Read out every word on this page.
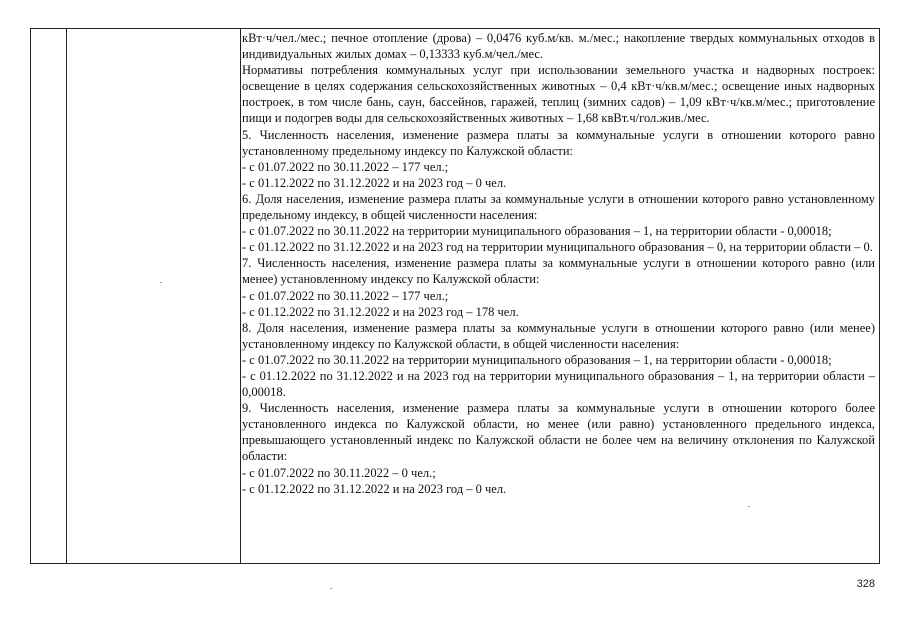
кВт·ч/чел./мес.; печное отопление (дрова) – 0,0476 куб.м/кв. м./мес.; накопление твердых коммунальных отходов в индивидуальных жилых домах – 0,13333 куб.м/чел./мес.

Нормативы потребления коммунальных услуг при использовании земельного участка и надворных построек: освещение в целях содержания сельскохозяйственных животных – 0,4 кВт·ч/кв.м/мес.; освещение иных надворных построек, в том числе бань, саун, бассейнов, гаражей, теплиц (зимних садов) – 1,09 кВт·ч/кв.м/мес.; приготовление пищи и подогрев воды для сельскохозяйственных животных – 1,68 квВт.ч/гол.жив./мес.

5. Численность населения, изменение размера платы за коммунальные услуги в отношении которого равно установленному предельному индексу по Калужской области:

- с 01.07.2022 по 30.11.2022 – 177 чел.;

- с 01.12.2022 по 31.12.2022 и на 2023 год – 0 чел.

6. Доля населения, изменение размера платы за коммунальные услуги в отношении которого равно установленному предельному индексу, в общей численности населения:

- с 01.07.2022 по 30.11.2022 на территории муниципального образования – 1, на территории области - 0,00018;

- с 01.12.2022 по 31.12.2022 и на 2023 год на территории муниципального образования – 0, на территории области – 0.

7. Численность населения, изменение размера платы за коммунальные услуги в отношении которого равно (или менее) установленному индексу по Калужской области:

- с 01.07.2022 по 30.11.2022 – 177 чел.;

- с 01.12.2022 по 31.12.2022 и на 2023 год – 178 чел.

8. Доля населения, изменение размера платы за коммунальные услуги в отношении которого равно (или менее) установленному индексу по Калужской области, в общей численности населения:

- с 01.07.2022 по 30.11.2022 на территории муниципального образования – 1, на территории области - 0,00018;

- с 01.12.2022 по 31.12.2022 и на 2023 год на территории муниципального образования – 1, на территории области – 0,00018.

9. Численность населения, изменение размера платы за коммунальные услуги в отношении которого более установленного индекса по Калужской области, но менее (или равно) установленного предельного индекса, превышающего установленный индекс по Калужской области не более чем на величину отклонения по Калужской области:

- с 01.07.2022 по 30.11.2022 – 0 чел.;

- с 01.12.2022 по 31.12.2022 и на 2023 год – 0 чел.

328
